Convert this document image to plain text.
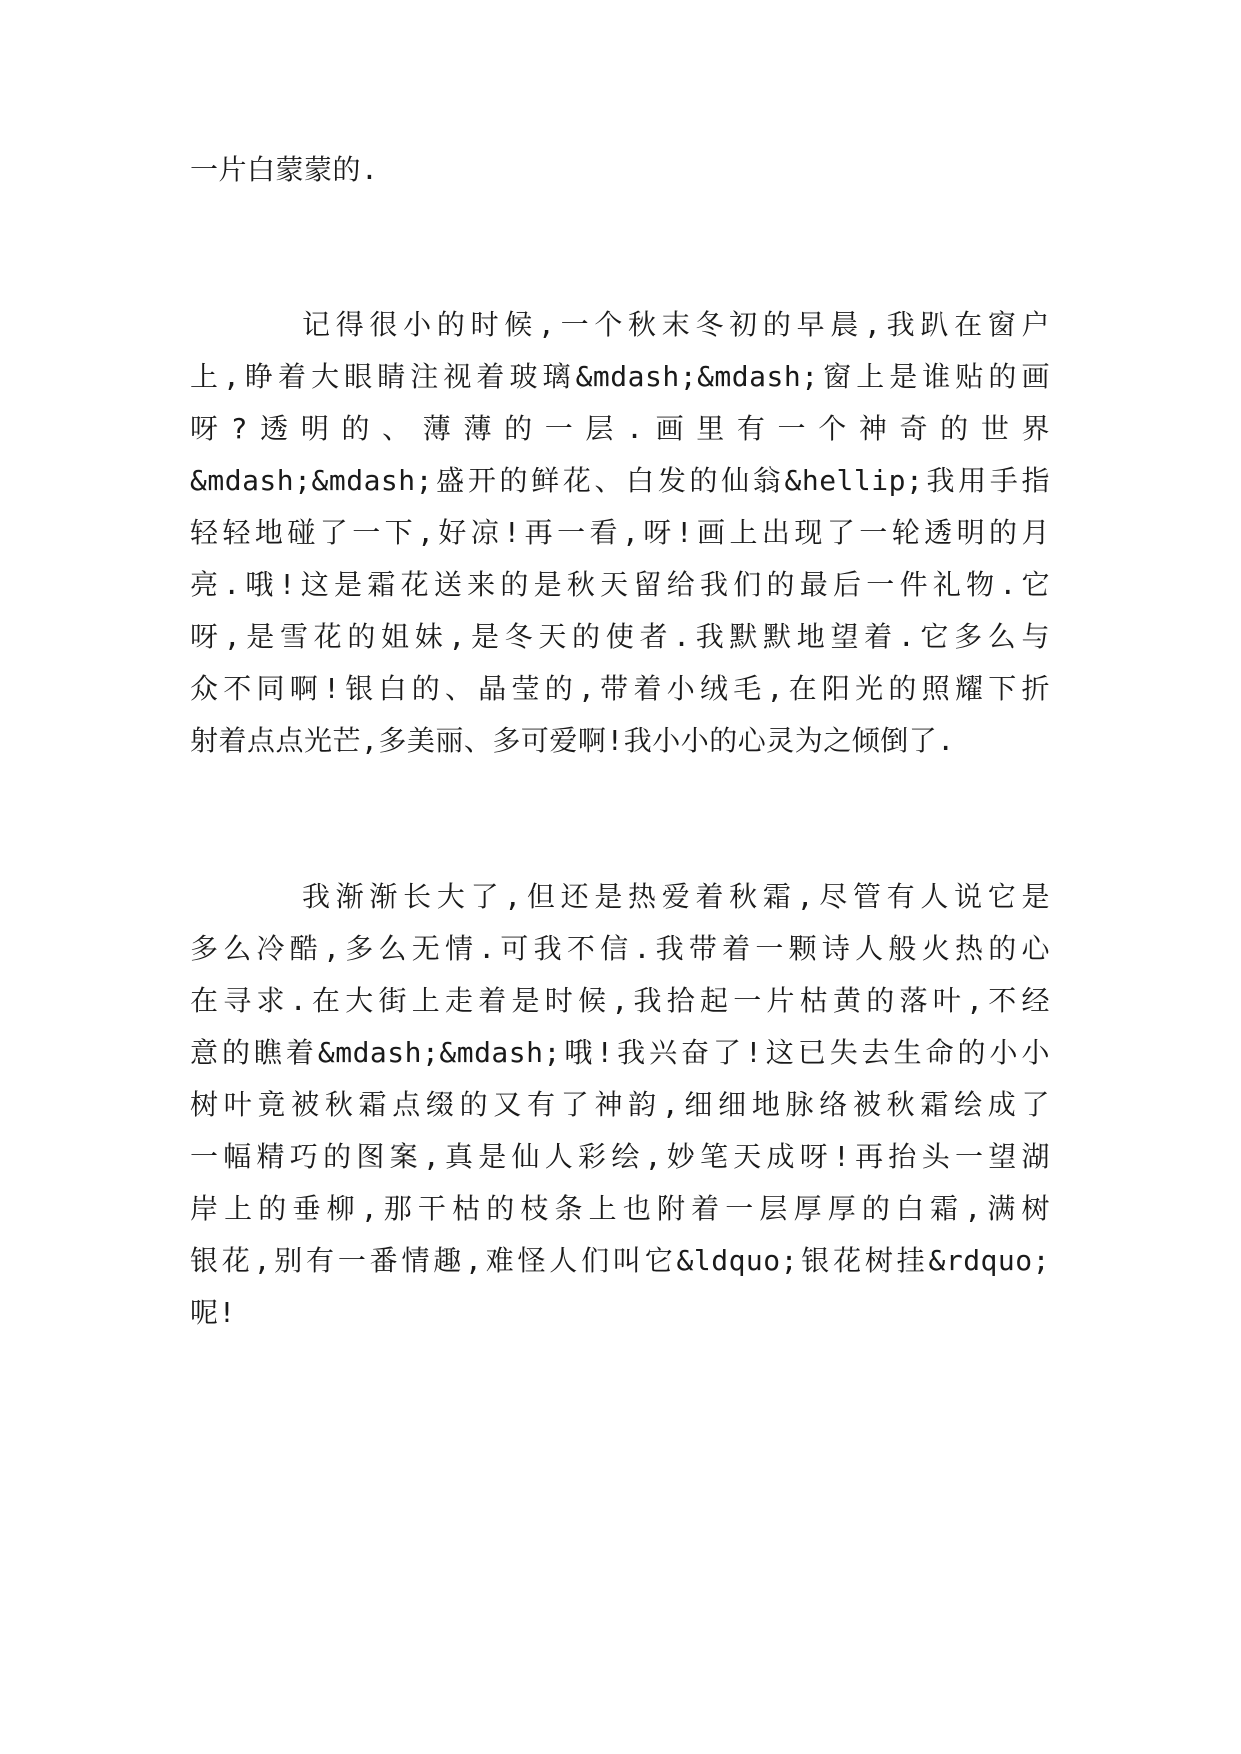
一片白蒙蒙的.
记得很小的时候,一个秋末冬初的早晨,我趴在窗户
上,睁着大眼睛注视着玻璃&mdash;&mdash;窗上是谁贴的画
呀?透明的、薄薄的一层.画里有一个神奇的世界
&mdash;&mdash;盛开的鲜花、白发的仙翁&hellip;我用手指
轻轻地碰了一下,好凉!再一看,呀!画上出现了一轮透明的月
亮.哦!这是霜花送来的是秋天留给我们的最后一件礼物.它
呀,是雪花的姐妹,是冬天的使者.我默默地望着.它多么与
众不同啊!银白的、晶莹的,带着小绒毛,在阳光的照耀下折
射着点点光芒,多美丽、多可爱啊!我小小的心灵为之倾倒了.
我渐渐长大了,但还是热爱着秋霜,尽管有人说它是
多么冷酷,多么无情.可我不信.我带着一颗诗人般火热的心
在寻求.在大街上走着是时候,我拾起一片枯黄的落叶,不经
意的瞧着&mdash;&mdash;哦!我兴奋了!这已失去生命的小小
树叶竟被秋霜点缀的又有了神韵,细细地脉络被秋霜绘成了
一幅精巧的图案,真是仙人彩绘,妙笔天成呀!再抬头一望湖
岸上的垂柳,那干枯的枝条上也附着一层厚厚的白霜,满树
银花,别有一番情趣,难怪人们叫它&ldquo;银花树挂&rdquo;
呢!
